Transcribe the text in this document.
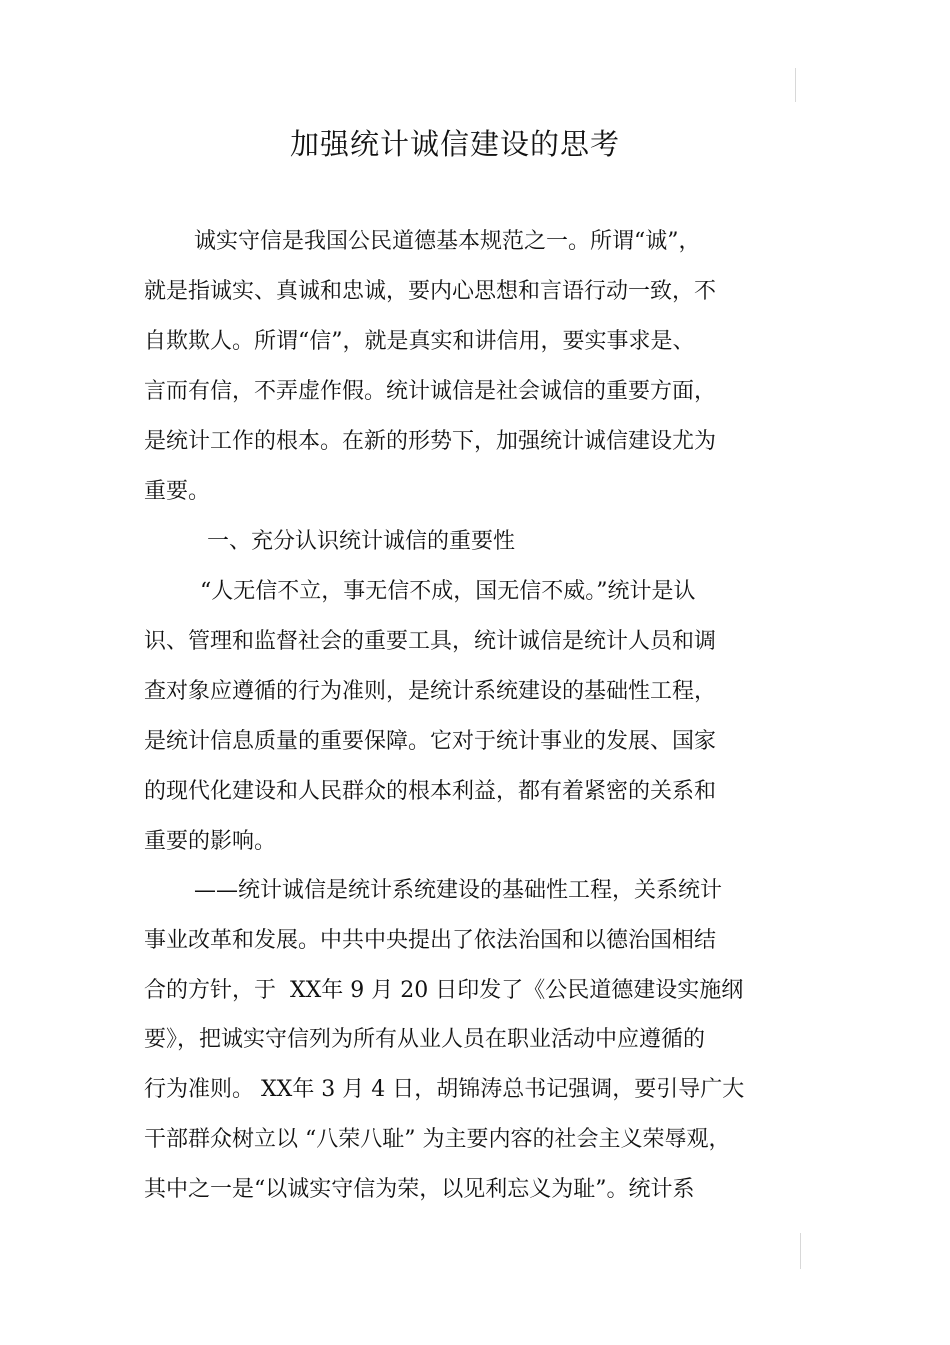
加强统计诚信建设的思考

诚实守信是我国公民道德基本规范之一。所谓“诚”，

就是指诚实、真诚和忠诚，要内心思想和言语行动一致，不

自欺欺人。所谓“信”，就是真实和讲信用，要实事求是、

言而有信，不弄虚作假。统计诚信是社会诚信的重要方面，

是统计工作的根本。在新的形势下，加强统计诚信建设尤为

重要。

一、充分认识统计诚信的重要性

“人无信不立，事无信不成，国无信不威。”统计是认

识、管理和监督社会的重要工具，统计诚信是统计人员和调

查对象应遵循的行为准则，是统计系统建设的基础性工程，

是统计信息质量的重要保障。它对于统计事业的发展、国家

的现代化建设和人民群众的根本利益，都有着紧密的关系和

重要的影响。

——统计诚信是统计系统建设的基础性工程，关系统计

事业改革和发展。中共中央提出了依法治国和以德治国相结

合的方针，于  XX年 9 月 20 日印发了《公民道德建设实施纲

要》，把诚实守信列为所有从业人员在职业活动中应遵循的

行为准则。 XX年 3 月 4 日，胡锦涛总书记强调，要引导广大

干部群众树立以 “八荣八耻” 为主要内容的社会主义荣辱观，

其中之一是“以诚实守信为荣，以见利忘义为耻”。统计系
